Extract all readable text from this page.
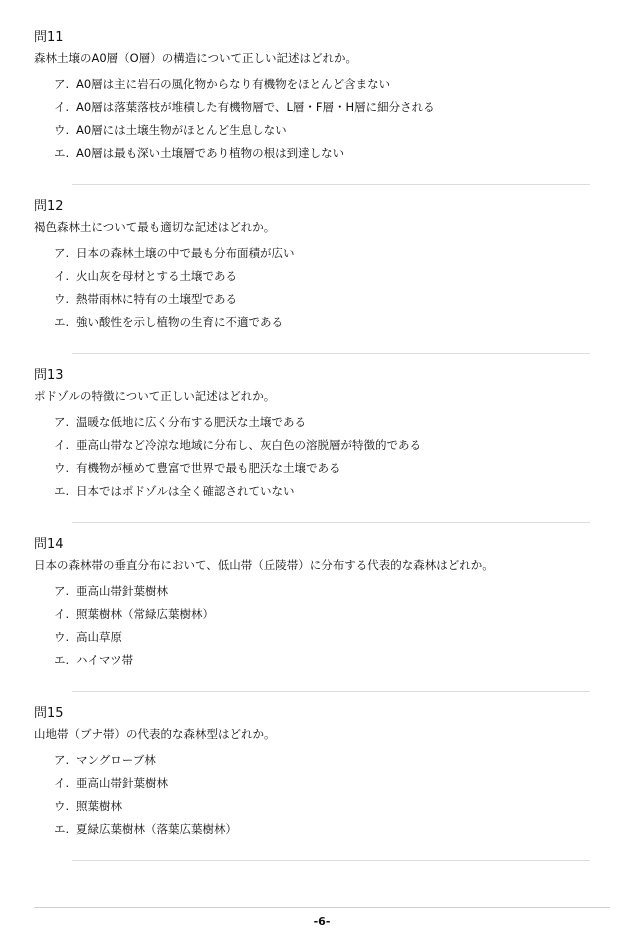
問11
森林土壌のA0層（O層）の構造について正しい記述はどれか。
ア. A0層は主に岩石の風化物からなり有機物をほとんど含まない
イ. A0層は落葉落枝が堆積した有機物層で、L層・F層・H層に細分される
ウ. A0層には土壌生物がほとんど生息しない
エ. A0層は最も深い土壌層であり植物の根は到達しない
問12
褐色森林土について最も適切な記述はどれか。
ア. 日本の森林土壌の中で最も分布面積が広い
イ. 火山灰を母材とする土壌である
ウ. 熱帯雨林に特有の土壌型である
エ. 強い酸性を示し植物の生育に不適である
問13
ポドゾルの特徴について正しい記述はどれか。
ア. 温暖な低地に広く分布する肥沃な土壌である
イ. 亜高山帯など冷涼な地域に分布し、灰白色の溶脱層が特徴的である
ウ. 有機物が極めて豊富で世界で最も肥沃な土壌である
エ. 日本ではポドゾルは全く確認されていない
問14
日本の森林帯の垂直分布において、低山帯（丘陵帯）に分布する代表的な森林はどれか。
ア. 亜高山帯針葉樹林
イ. 照葉樹林（常緑広葉樹林）
ウ. 高山草原
エ. ハイマツ帯
問15
山地帯（ブナ帯）の代表的な森林型はどれか。
ア. マングローブ林
イ. 亜高山帯針葉樹林
ウ. 照葉樹林
エ. 夏緑広葉樹林（落葉広葉樹林）
-6-
